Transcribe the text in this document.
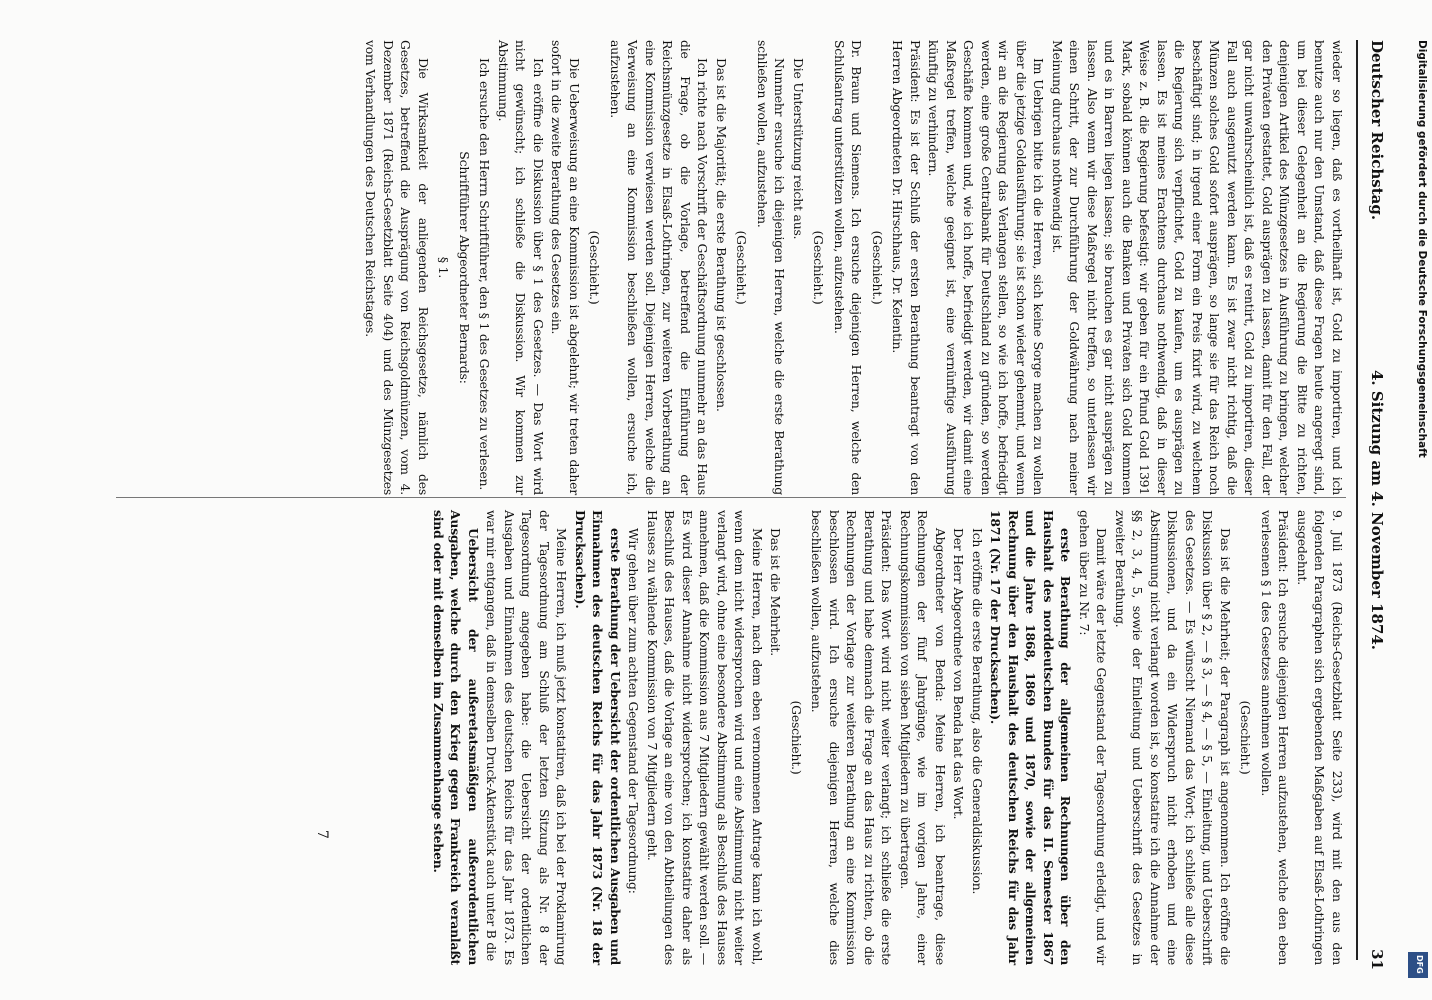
Deutscher Reichstag.
4. Sitzung am 4. November 1874.
31

wieder so liegen, daß es vortheilhaft ist, Gold zu importiren, und ich benutze auch nur den Umstand, daß diese Fragen heute angeregt sind, um bei dieser Gelegenheit an die Regierung die Bitte zu richten, denjenigen Artikel des Münzgesetzes in Ausführung zu bringen, welcher den Privaten gestattet, Gold ausprägen zu lassen, damit für den Fall, der gar nicht unwahrscheinlich ist, daß es rentirt, Gold zu importiren, dieser Fall auch ausgenutzt werden kann. Es ist zwar nicht richtig, daß die Münzen solches Gold sofort ausprägen, so lange sie für das Reich noch beschäftigt sind; in irgend einer Form ein Preis fixirt wird, zu welchem die Regierung sich verpflichtet, Gold zu kaufen, um es ausprägen zu lassen. Es ist meines Erachtens durchaus nothwendig, daß in dieser Weise z. B. die Regierung befestigt: wir geben für ein Pfund Gold 1391 Mark, sobald können auch die Banken und Privaten sich Gold kommen und es in Barren liegen lassen; sie brauchen es gar nicht ausprägen zu lassen. Also wenn wir diese Maßregel nicht treffen, so unterlassen wir einen Schritt, der zur Durchführung der Goldwährung nach meiner Meinung durchaus nothwendig ist.

Im Uebrigen bitte ich die Herren, sich keine Sorge machen zu wollen über die jetzige Goldausführung; sie ist schon wieder gehemmt, und wenn wir an die Regierung das Verlangen stellen, so wie ich hoffe, befriedigt werden, eine große Centralbank für Deutschland zu gründen, so werden Geschäfte kommen und, wie ich hoffe, befriedigt werden, wir damit eine Maßregel treffen, welche geeignet ist, eine vernünftige Ausführung künftig zu verhindern.

Präsident: Es ist der Schluß der ersten Berathung beantragt von den Herren Abgeordneten Dr. Hirschhaus, Dr. Kelentin.

(Geschieht.)

Dr. Braun und Siemens. Ich ersuche diejenigen Herren, welche den Schlußantrag unterstützen wollen, aufzustehen.

(Geschieht.)

Die Unterstützung reicht aus.

Nunmehr ersuche ich diejenigen Herren, welche die erste Berathung schließen wollen, aufzustehen.

(Geschieht.)

Das ist die Majorität; die erste Berathung ist geschlossen.

Ich richte nach Vorschrift der Geschäftsordnung nunmehr an das Haus die Frage, ob die Vorlage, betreffend die Einführung der Reichsmünzgesetze in Elsaß-Lothringen, zur weiteren Vorberathung an eine Kommission verwiesen werden soll. Diejenigen Herren, welche die Verweisung an eine Kommission beschließen wollen, ersuche ich, aufzustehen.

(Geschieht.)

Die Ueberweisung an eine Kommission ist abgelehnt; wir treten daher sofort in die zweite Berathung des Gesetzes ein.

Ich eröffne die Diskussion über § 1 des Gesetzes. — Das Wort wird nicht gewünscht; ich schließe die Diskussion. Wir kommen zur Abstimmung.

Ich ersuche den Herrn Schriftführer, den § 1 des Gesetzes zu verlesen.

Schriftführer Abgeordneter Bernards:

§ 1.

Die Wirksamkeit der anliegenden Reichsgesetze, nämlich des Gesetzes, betreffend die Ausprägung von Reichsgoldmünzen, vom 4. Dezember 1871 (Reichs-Gesetzblatt Seite 404) und des Münzgesetzes vom Verhandlungen des Deutschen Reichstages.

9. Juli 1873 (Reichs-Gesetzblatt Seite 233), wird mit den aus den folgenden Paragraphen sich ergebenden Maßgaben auf Elsaß-Lothringen ausgedehnt.

Präsident: Ich ersuche diejenigen Herren aufzustehen, welche den eben verlesenen § 1 des Gesetzes annehmen wollen.

(Geschieht.)

Das ist die Mehrheit; der Paragraph ist angenommen. Ich eröffne die Diskussion über § 2, — § 3, — § 4, — § 5, — Einleitung, und Ueberschrift des Gesetzes. — Es wünscht Niemand das Wort; ich schließe alle diese Diskussionen, und da ein Widerspruch nicht erhoben und eine Abstimmung nicht verlangt worden ist, so konstatire ich die Annahme der §§ 2, 3, 4, 5, sowie der Einleitung und Ueberschrift des Gesetzes in zweiter Berathung.

Damit wäre der letzte Gegenstand der Tagesordnung erledigt, und wir gehen über zu Nr. 7:

erste Berathung der allgemeinen Rechnungen über den Haushalt des norddeutschen Bundes für das II. Semester 1867 und die Jahre 1868, 1869 und 1870, sowie der allgemeinen Rechnung über den Haushalt des deutschen Reichs für das Jahr 1871 (Nr. 17 der Drucksachen).

Ich eröffne die erste Berathung, also die Generaldiskussion.

Der Herr Abgeordnete von Benda hat das Wort.

Abgeordneter von Benda: Meine Herren, ich beantrage, diese Rechnungen der fünf Jahrgänge, wie im vorigen Jahre, einer Rechnungskommission von sieben Mitgliedern zu übertragen.

Präsident: Das Wort wird nicht weiter verlangt; ich schließe die erste Berathung und habe demnach die Frage an das Haus zu richten, ob die Rechnungen der Vorlage zur weiteren Berathung an eine Kommission beschlossen wird. Ich ersuche diejenigen Herren, welche dies beschließen wollen, aufzustehen.

(Geschieht.)

Das ist die Mehrheit.

Meine Herren, nach dem eben vernommenen Antrage kann ich wohl, wenn dem nicht widersprochen wird und eine Abstimmung nicht weiter verlangt wird, ohne eine besondere Abstimmung als Beschluß des Hauses annehmen, daß die Kommission aus 7 Mitgliedern gewählt werden soll. — Es wird dieser Annahme nicht widersprochen; ich konstatire daher als Beschluß des Hauses, daß die Vorlage an eine von den Abtheilungen des Hauses zu wählende Kommission von 7 Mitgliedern geht.

Wir gehen über zum achten Gegenstand der Tagesordnung:

erste Berathung der Uebersicht der ordentlichen Ausgaben und Einnahmen des deutschen Reichs für das Jahr 1873 (Nr. 18 der Drucksachen).

Meine Herren, ich muß jetzt konstatiren, daß ich bei der Proklamirung der Tagesordnung am Schluß der letzten Sitzung als Nr. 8 der Tagesordnung angegeben habe: die Uebersicht der ordentlichen Ausgaben und Einnahmen des deutschen Reichs für das Jahr 1873. Es war mir entgangen, daß in demselben Druck-Aktenstück auch unter B die

Uebersicht der außeretatsmäßigen außerordentlichen Ausgaben, welche durch den Krieg gegen Frankreich veranlaßt sind oder mit demselben im Zusammenhange stehen.

7
Digitalisierung gefördert durch die Deutsche Forschungsgemeinschaft
DFG
